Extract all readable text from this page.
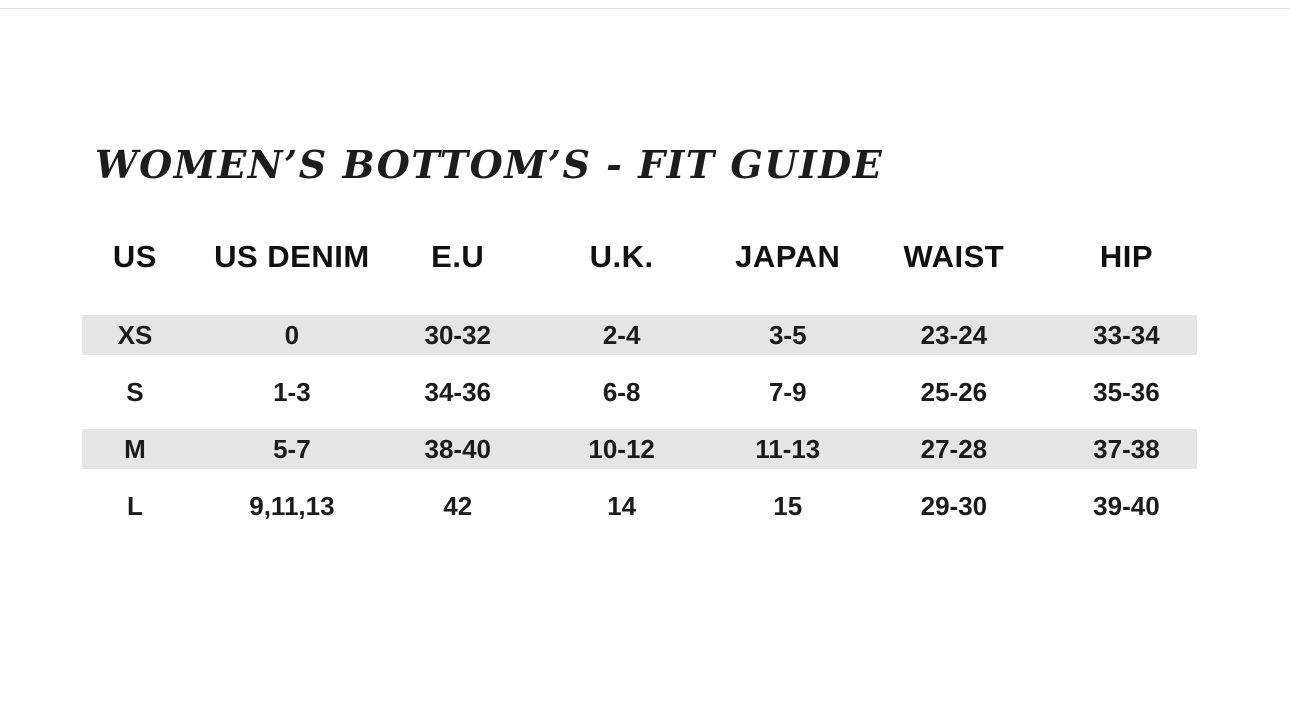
WOMEN’S BOTTOM’S - FIT GUIDE
US	US DENIM	E.U	U.K.	JAPAN	WAIST	HIP
XS	0	30-32	2-4	3-5	23-24	33-34
S	1-3	34-36	6-8	7-9	25-26	35-36
M	5-7	38-40	10-12	11-13	27-28	37-38
L	9,11,13	42	14	15	29-30	39-40
